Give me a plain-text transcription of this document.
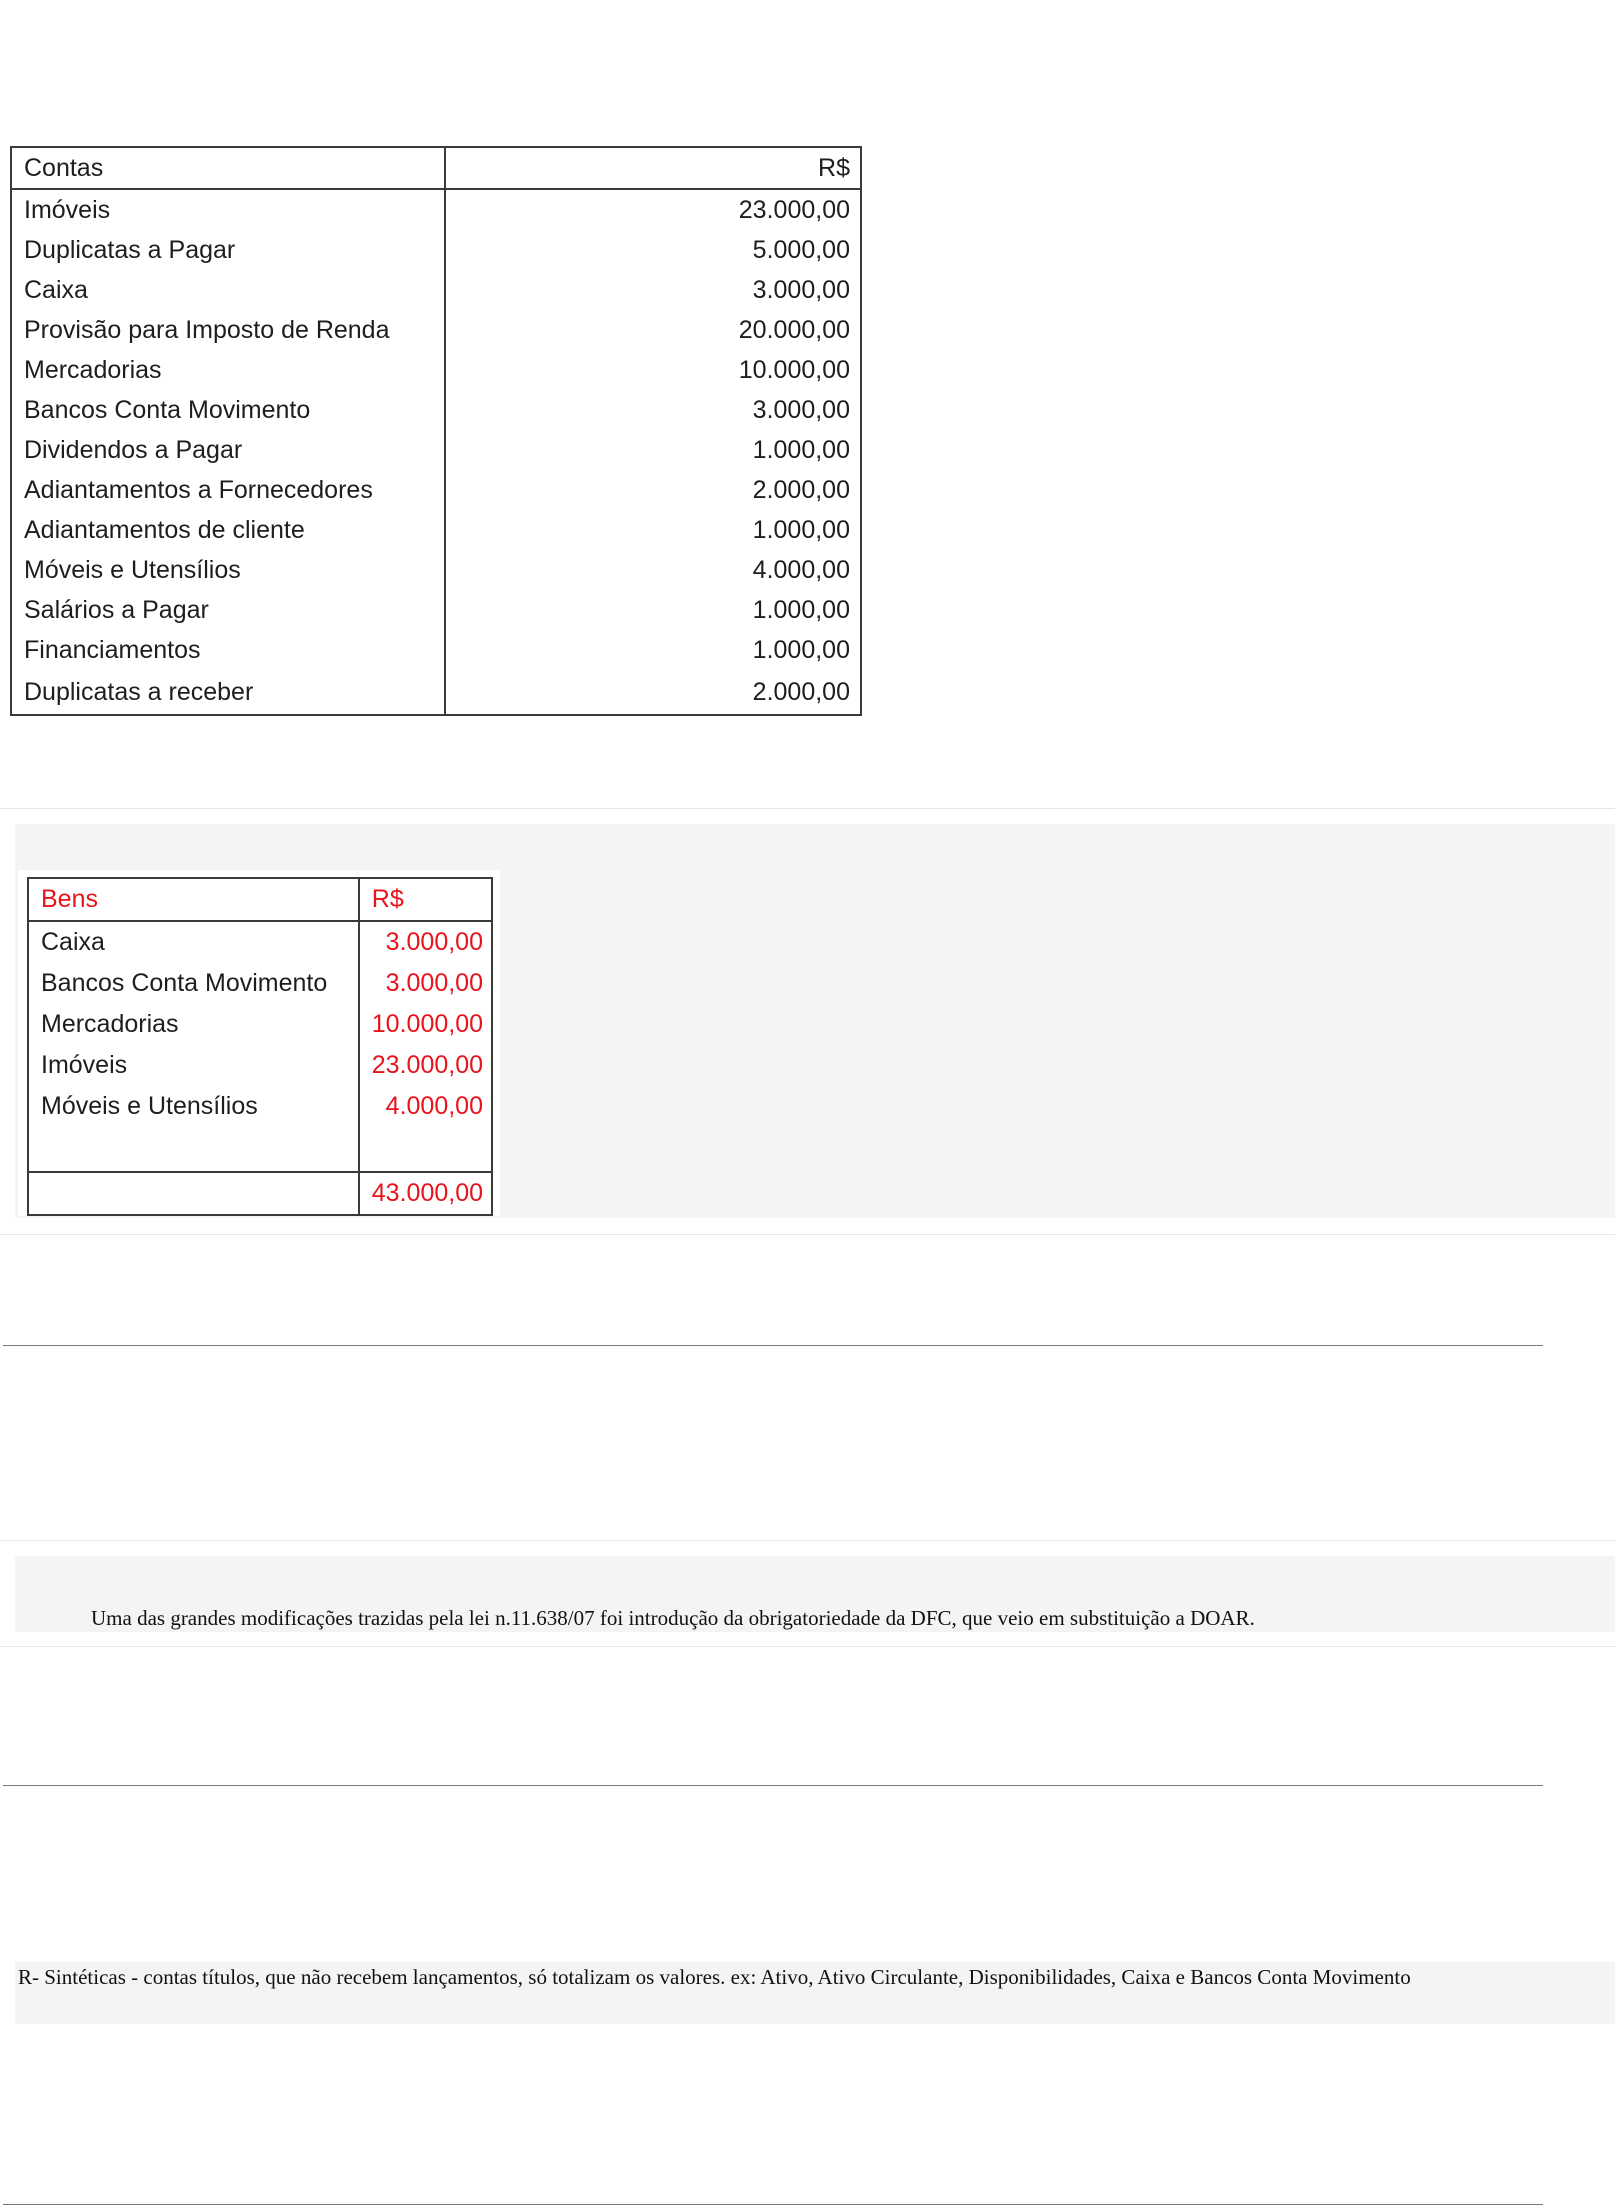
Contas	R$
Imóveis	23.000,00
Duplicatas a Pagar	5.000,00
Caixa	3.000,00
Provisão para Imposto de Renda	20.000,00
Mercadorias	10.000,00
Bancos Conta Movimento	3.000,00
Dividendos a Pagar	1.000,00
Adiantamentos a Fornecedores	2.000,00
Adiantamentos de cliente	1.000,00
Móveis e Utensílios	4.000,00
Salários a Pagar	1.000,00
Financiamentos	1.000,00
Duplicatas a receber	2.000,00
Bens	R$
Caixa	3.000,00
Bancos Conta Movimento	3.000,00
Mercadorias	10.000,00
Imóveis	23.000,00
Móveis e Utensílios	4.000,00

	43.000,00
Uma das grandes modificações trazidas pela lei n.11.638/07 foi introdução da obrigatoriedade da DFC, que veio em substituição a DOAR.
R- Sintéticas - contas títulos, que não recebem lançamentos, só totalizam os valores. ex: Ativo, Ativo Circulante, Disponibilidades, Caixa e Bancos Conta Movimento
